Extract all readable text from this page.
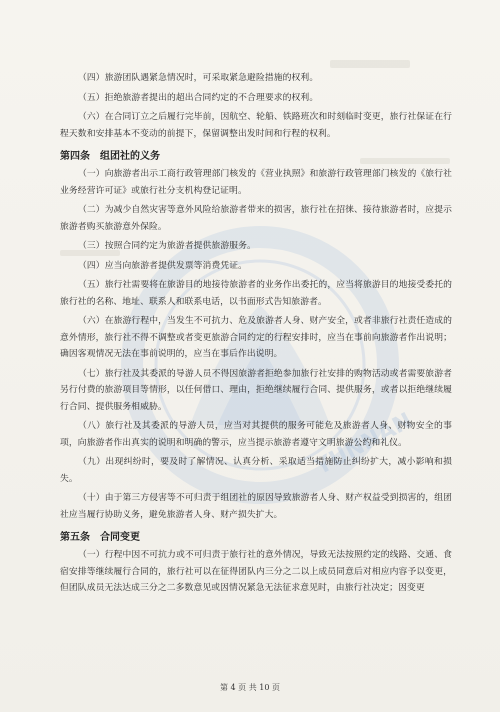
YUNNAN

（四）旅游团队遇紧急情况时，可采取紧急避险措施的权利。

（五）拒绝旅游者提出的超出合同约定的不合理要求的权利。

（六）在合同订立之后履行完毕前，因航空、轮船、铁路班次和时刻临时变更，旅行社保证在行程天数和安排基本不变动的前提下，保留调整出发时间和行程的权利。

第四条　组团社的义务

（一）向旅游者出示工商行政管理部门核发的《营业执照》和旅游行政管理部门核发的《旅行社业务经营许可证》或旅行社分支机构登记证明。

（二）为减少自然灾害等意外风险给旅游者带来的损害，旅行社在招徕、接待旅游者时，应提示旅游者购买旅游意外保险。

（三）按照合同约定为旅游者提供旅游服务。

（四）应当向旅游者提供发票等消费凭证。

（五）旅行社需要将在旅游目的地接待旅游者的业务作出委托的，应当将旅游目的地接受委托的旅行社的名称、地址、联系人和联系电话，以书面形式告知旅游者。

（六）在旅游行程中，当发生不可抗力、危及旅游者人身、财产安全，或者非旅行社责任造成的意外情形，旅行社不得不调整或者变更旅游合同约定的行程安排时，应当在事前向旅游者作出说明；确因客观情况无法在事前说明的，应当在事后作出说明。

（七）旅行社及其委派的导游人员不得因旅游者拒绝参加旅行社安排的购物活动或者需要旅游者另行付费的旅游项目等情形，以任何借口、理由，拒绝继续履行合同、提供服务，或者以拒绝继续履行合同、提供服务相威胁。

（八）旅行社及其委派的导游人员，应当对其提供的服务可能危及旅游者人身、财物安全的事项，向旅游者作出真实的说明和明确的警示，应当提示旅游者遵守文明旅游公约和礼仪。

（九）出现纠纷时，要及时了解情况、认真分析、采取适当措施防止纠纷扩大，减小影响和损失。

（十）由于第三方侵害等不可归责于组团社的原因导致旅游者人身、财产权益受到损害的，组团社应当履行协助义务，避免旅游者人身、财产损失扩大。

第五条　合同变更

（一）行程中因不可抗力或不可归责于旅行社的意外情况，导致无法按照约定的线路、交通、食宿安排等继续履行合同的，旅行社可以在征得团队内三分之二以上成员同意后对相应内容予以变更，但团队成员无法达成三分之二多数意见或因情况紧急无法征求意见时，由旅行社决定；因变更

第 4 页 共 10 页
